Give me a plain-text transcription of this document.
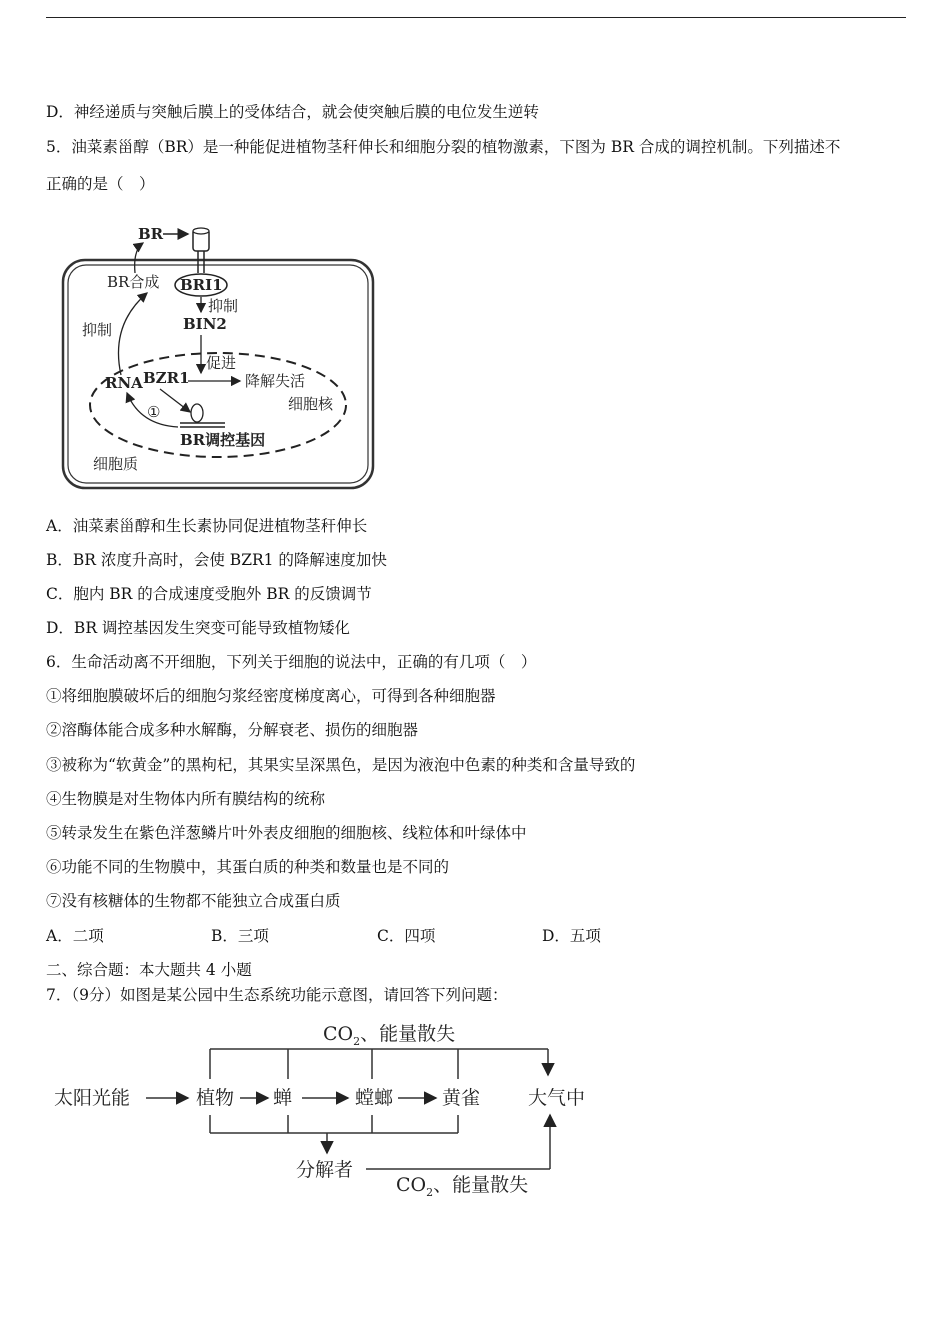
D．神经递质与突触后膜上的受体结合，就会使突触后膜的电位发生逆转
5．油菜素甾醇（BR）是一种能促进植物茎秆伸长和细胞分裂的植物激素，下图为 BR 合成的调控机制。下列描述不
正确的是（　）
BR
BRI1
BR合成
抑制
BIN2
抑制
促进
RNA BZR1	降解失活
细胞核
BR调控基因
①
细胞质
A．油菜素甾醇和生长素协同促进植物茎秆伸长
B．BR 浓度升高时，会使 BZR1 的降解速度加快
C．胞内 BR 的合成速度受胞外 BR 的反馈调节
D．BR 调控基因发生突变可能导致植物矮化
6．生命活动离不开细胞，下列关于细胞的说法中，正确的有几项（　）
①将细胞膜破坏后的细胞匀浆经密度梯度离心，可得到各种细胞器
②溶酶体能合成多种水解酶，分解衰老、损伤的细胞器
③被称为“软黄金”的黑枸杞，其果实呈深黑色，是因为液泡中色素的种类和含量导致的
④生物膜是对生物体内所有膜结构的统称
⑤转录发生在紫色洋葱鳞片叶外表皮细胞的细胞核、线粒体和叶绿体中
⑥功能不同的生物膜中，其蛋白质的种类和数量也是不同的
⑦没有核糖体的生物都不能独立合成蛋白质
A．二项	B．三项	C．四项	D．五项
二、综合题：本大题共 4 小题
7．（9分）如图是某公园中生态系统功能示意图，请回答下列问题：
$CO_2$、能量散失
太阳光能	植物 蝉	螳螂	黄雀	大气中
分解者
$CO_2$、能量散失
